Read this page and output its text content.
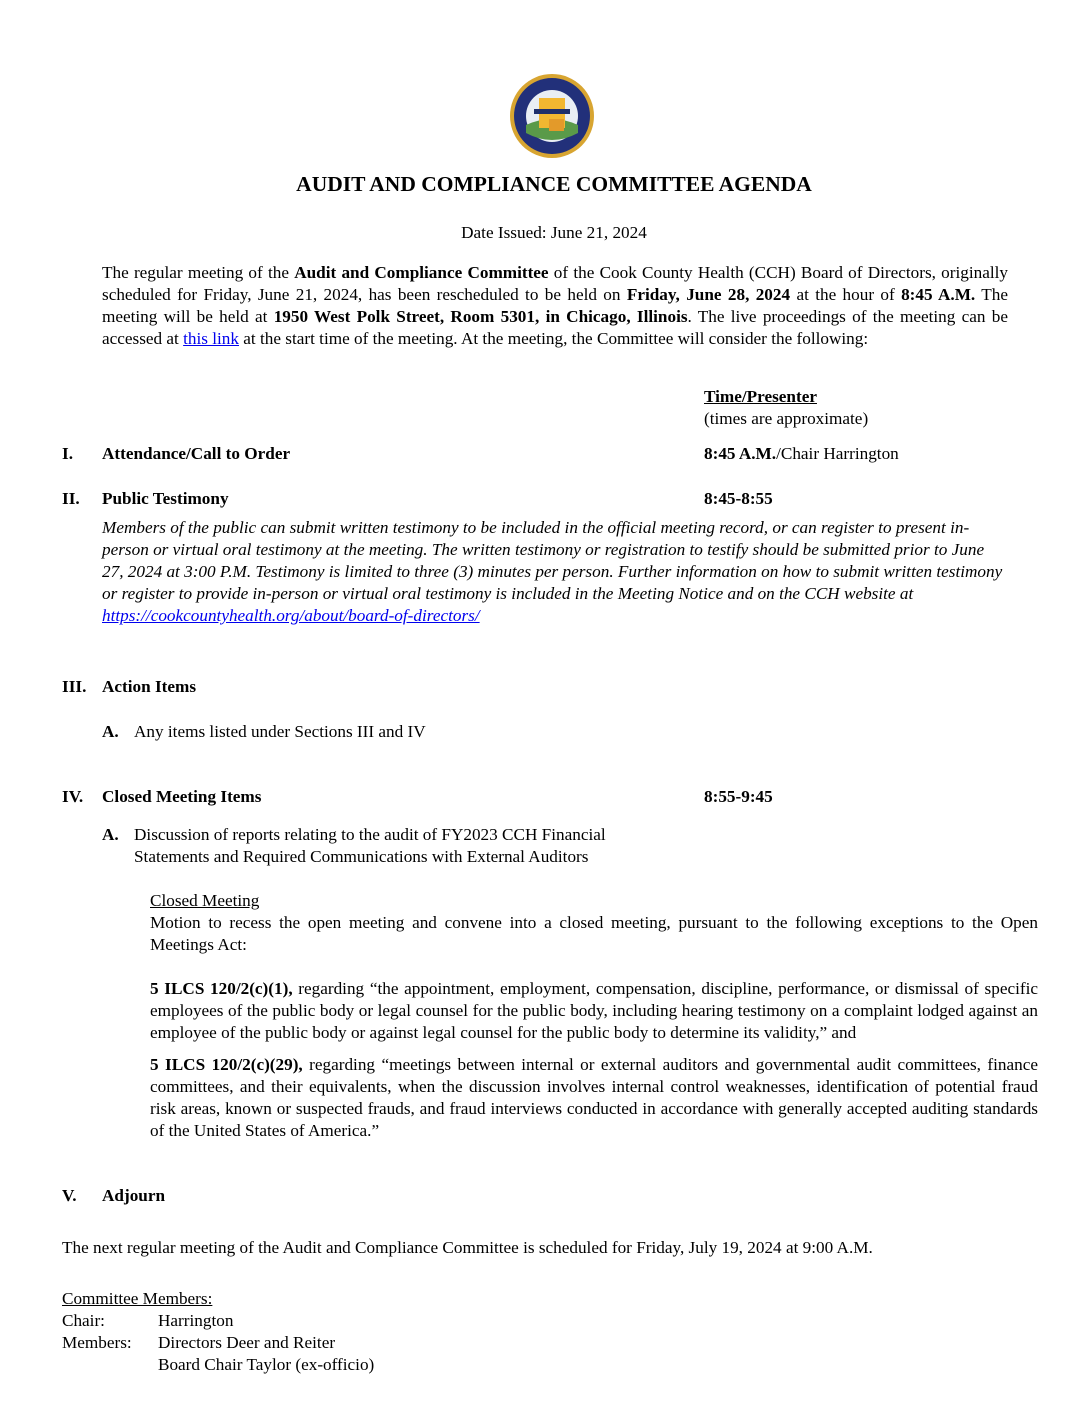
AUDIT AND COMPLIANCE COMMITTEE AGENDA
Date Issued: June 21, 2024
The regular meeting of the Audit and Compliance Committee of the Cook County Health (CCH) Board of Directors, originally scheduled for Friday, June 21, 2024, has been rescheduled to be held on Friday, June 28, 2024 at the hour of 8:45 A.M. The meeting will be held at 1950 West Polk Street, Room 5301, in Chicago, Illinois. The live proceedings of the meeting can be accessed at this link at the start time of the meeting. At the meeting, the Committee will consider the following:
Time/Presenter
(times are approximate)
I. Attendance/Call to Order	8:45 A.M./Chair Harrington
II. Public Testimony	8:45-8:55
Members of the public can submit written testimony to be included in the official meeting record, or can register to present in-person or virtual oral testimony at the meeting. The written testimony or registration to testify should be submitted prior to June 27, 2024 at 3:00 P.M. Testimony is limited to three (3) minutes per person. Further information on how to submit written testimony or register to provide in-person or virtual oral testimony is included in the Meeting Notice and on the CCH website at https://cookcountyhealth.org/about/board-of-directors/
III. Action Items
A. Any items listed under Sections III and IV
IV. Closed Meeting Items	8:55-9:45
A. Discussion of reports relating to the audit of FY2023 CCH Financial Statements and Required Communications with External Auditors

Closed Meeting

Motion to recess the open meeting and convene into a closed meeting, pursuant to the following exceptions to the Open Meetings Act:

5 ILCS 120/2(c)(1), regarding “the appointment, employment, compensation, discipline, performance, or dismissal of specific employees of the public body or legal counsel for the public body, including hearing testimony on a complaint lodged against an employee of the public body or against legal counsel for the public body to determine its validity,” and

5 ILCS 120/2(c)(29), regarding “meetings between internal or external auditors and governmental audit committees, finance committees, and their equivalents, when the discussion involves internal control weaknesses, identification of potential fraud risk areas, known or suspected frauds, and fraud interviews conducted in accordance with generally accepted auditing standards of the United States of America.”

V. Adjourn
The next regular meeting of the Audit and Compliance Committee is scheduled for Friday, July 19, 2024 at 9:00 A.M.
Committee Members:
Chair:	Harrington
Members:	Directors Deer and Reiter
Board Chair Taylor (ex-officio)
